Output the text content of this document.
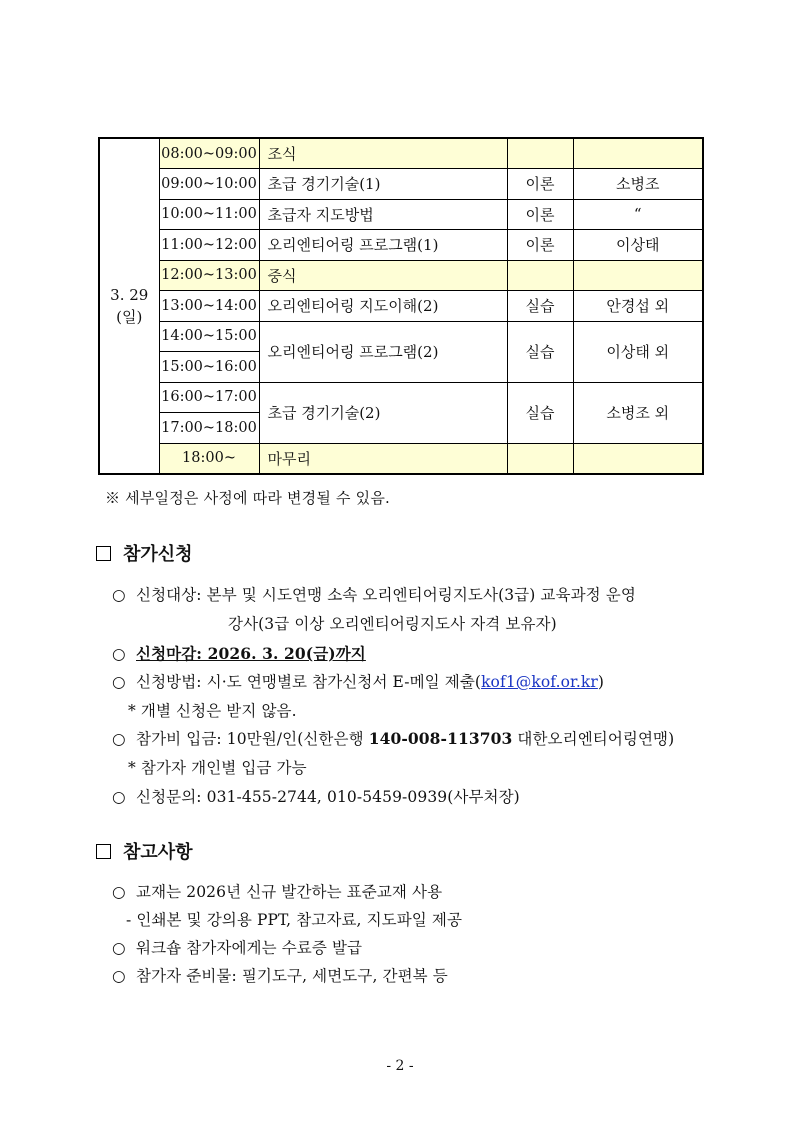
3. 29
(일)	08:00~09:00	조식		
	09:00~10:00	초급 경기기술(1)	이론	소병조
	10:00~11:00	초급자 지도방법	이론	“
	11:00~12:00	오리엔티어링 프로그램(1)	이론	이상태
	12:00~13:00	중식		
	13:00~14:00	오리엔티어링 지도이해(2)	실습	안경섭 외
	14:00~15:00	오리엔티어링 프로그램(2)	실습	이상태 외
	15:00~16:00			
	16:00~17:00	초급 경기기술(2)	실습	소병조 외
	17:00~18:00			
	18:00~	마무리		
※ 세부일정은 사정에 따라 변경될 수 있음.
참가신청
○ 신청대상: 본부 및 시도연맹 소속 오리엔티어링지도사(3급) 교육과정 운영
강사(3급 이상 오리엔티어링지도사 자격 보유자)
○ 신청마감: 2026. 3. 20(금)까지
○ 신청방법: 시·도 연맹별로 참가신청서 E-메일 제출(kof1@kof.or.kr)
* 개별 신청은 받지 않음.
○ 참가비 입금: 10만원/인(신한은행 140-008-113703 대한오리엔티어링연맹)
* 참가자 개인별 입금 가능
○ 신청문의: 031-455-2744, 010-5459-0939(사무처장)
참고사항
○ 교재는 2026년 신규 발간하는 표준교재 사용
- 인쇄본 및 강의용 PPT, 참고자료, 지도파일 제공
○ 워크숍 참가자에게는 수료증 발급
○ 참가자 준비물: 필기도구, 세면도구, 간편복 등
- 2 -
